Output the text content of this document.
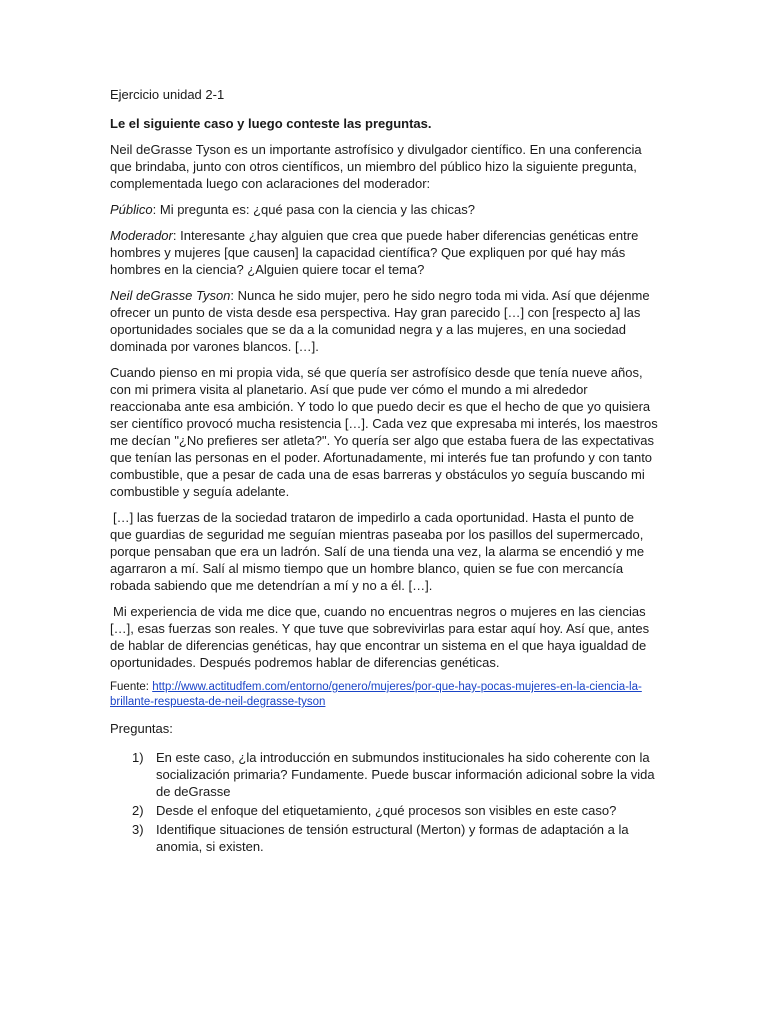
Ejercicio unidad 2-1

Le el siguiente caso y luego conteste las preguntas.

Neil deGrasse Tyson es un importante astrofísico y divulgador científico. En una conferencia que brindaba, junto con otros científicos, un miembro del público hizo la siguiente pregunta, complementada luego con aclaraciones del moderador:

Público: Mi pregunta es: ¿qué pasa con la ciencia y las chicas?

Moderador: Interesante ¿hay alguien que crea que puede haber diferencias genéticas entre hombres y mujeres [que causen] la capacidad científica? Que expliquen por qué hay más hombres en la ciencia? ¿Alguien quiere tocar el tema?

Neil deGrasse Tyson: Nunca he sido mujer, pero he sido negro toda mi vida. Así que déjenme ofrecer un punto de vista desde esa perspectiva. Hay gran parecido […] con [respecto a] las oportunidades sociales que se da a la comunidad negra y a las mujeres, en una sociedad dominada por varones blancos. […].

Cuando pienso en mi propia vida, sé que quería ser astrofísico desde que tenía nueve años, con mi primera visita al planetario. Así que pude ver cómo el mundo a mi alrededor reaccionaba ante esa ambición. Y todo lo que puedo decir es que el hecho de que yo quisiera ser científico provocó mucha resistencia […]. Cada vez que expresaba mi interés, los maestros me decían "¿No prefieres ser atleta?". Yo quería ser algo que estaba fuera de las expectativas que tenían las personas en el poder. Afortunadamente, mi interés fue tan profundo y con tanto combustible, que a pesar de cada una de esas barreras y obstáculos yo seguía buscando mi combustible y seguía adelante.

[…] las fuerzas de la sociedad trataron de impedirlo a cada oportunidad. Hasta el punto de que guardias de seguridad me seguían mientras paseaba por los pasillos del supermercado, porque pensaban que era un ladrón. Salí de una tienda una vez, la alarma se encendió y me agarraron a mí. Salí al mismo tiempo que un hombre blanco, quien se fue con mercancía robada sabiendo que me detendrían a mí y no a él. […].

Mi experiencia de vida me dice que, cuando no encuentras negros o mujeres en las ciencias […], esas fuerzas son reales. Y que tuve que sobrevivirlas para estar aquí hoy. Así que, antes de hablar de diferencias genéticas, hay que encontrar un sistema en el que haya igualdad de oportunidades. Después podremos hablar de diferencias genéticas.

Fuente: http://www.actitudfem.com/entorno/genero/mujeres/por-que-hay-pocas-mujeres-en-la-ciencia-la-brillante-respuesta-de-neil-degrasse-tyson

Preguntas:

1) En este caso, ¿la introducción en submundos institucionales ha sido coherente con la socialización primaria? Fundamente. Puede buscar información adicional sobre la vida de deGrasse
2) Desde el enfoque del etiquetamiento, ¿qué procesos son visibles en este caso?
3) Identifique situaciones de tensión estructural (Merton) y formas de adaptación a la anomia, si existen.
